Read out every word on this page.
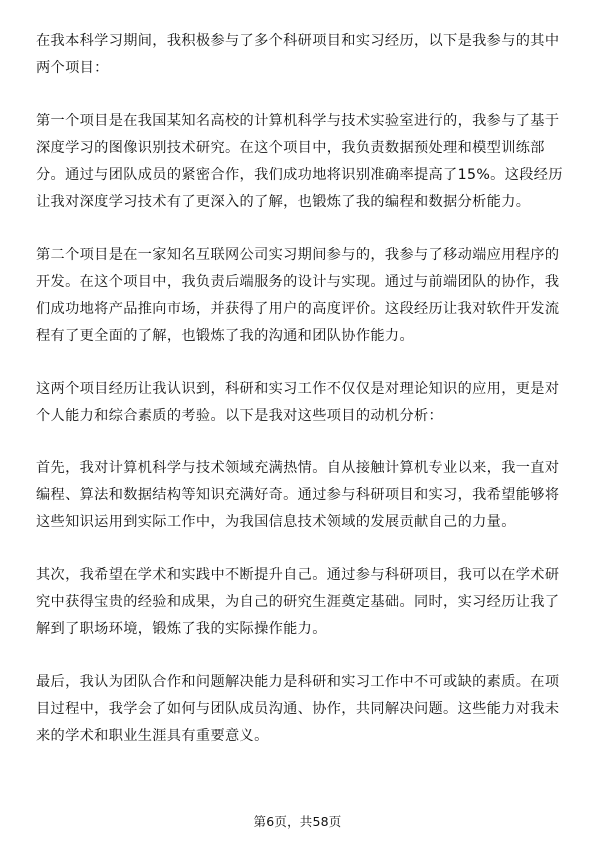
在我本科学习期间，我积极参与了多个科研项目和实习经历，以下是我参与的其中
两个项目：

第一个项目是在我国某知名高校的计算机科学与技术实验室进行的，我参与了基于
深度学习的图像识别技术研究。在这个项目中，我负责数据预处理和模型训练部
分。通过与团队成员的紧密合作，我们成功地将识别准确率提高了15%。这段经历
让我对深度学习技术有了更深入的了解，也锻炼了我的编程和数据分析能力。

第二个项目是在一家知名互联网公司实习期间参与的，我参与了移动端应用程序的
开发。在这个项目中，我负责后端服务的设计与实现。通过与前端团队的协作，我
们成功地将产品推向市场，并获得了用户的高度评价。这段经历让我对软件开发流
程有了更全面的了解，也锻炼了我的沟通和团队协作能力。

这两个项目经历让我认识到，科研和实习工作不仅仅是对理论知识的应用，更是对
个人能力和综合素质的考验。以下是我对这些项目的动机分析：

首先，我对计算机科学与技术领域充满热情。自从接触计算机专业以来，我一直对
编程、算法和数据结构等知识充满好奇。通过参与科研项目和实习，我希望能够将
这些知识运用到实际工作中，为我国信息技术领域的发展贡献自己的力量。

其次，我希望在学术和实践中不断提升自己。通过参与科研项目，我可以在学术研
究中获得宝贵的经验和成果，为自己的研究生涯奠定基础。同时，实习经历让我了
解到了职场环境，锻炼了我的实际操作能力。

最后，我认为团队合作和问题解决能力是科研和实习工作中不可或缺的素质。在项
目过程中，我学会了如何与团队成员沟通、协作，共同解决问题。这些能力对我未
来的学术和职业生涯具有重要意义。

第6页，共58页
